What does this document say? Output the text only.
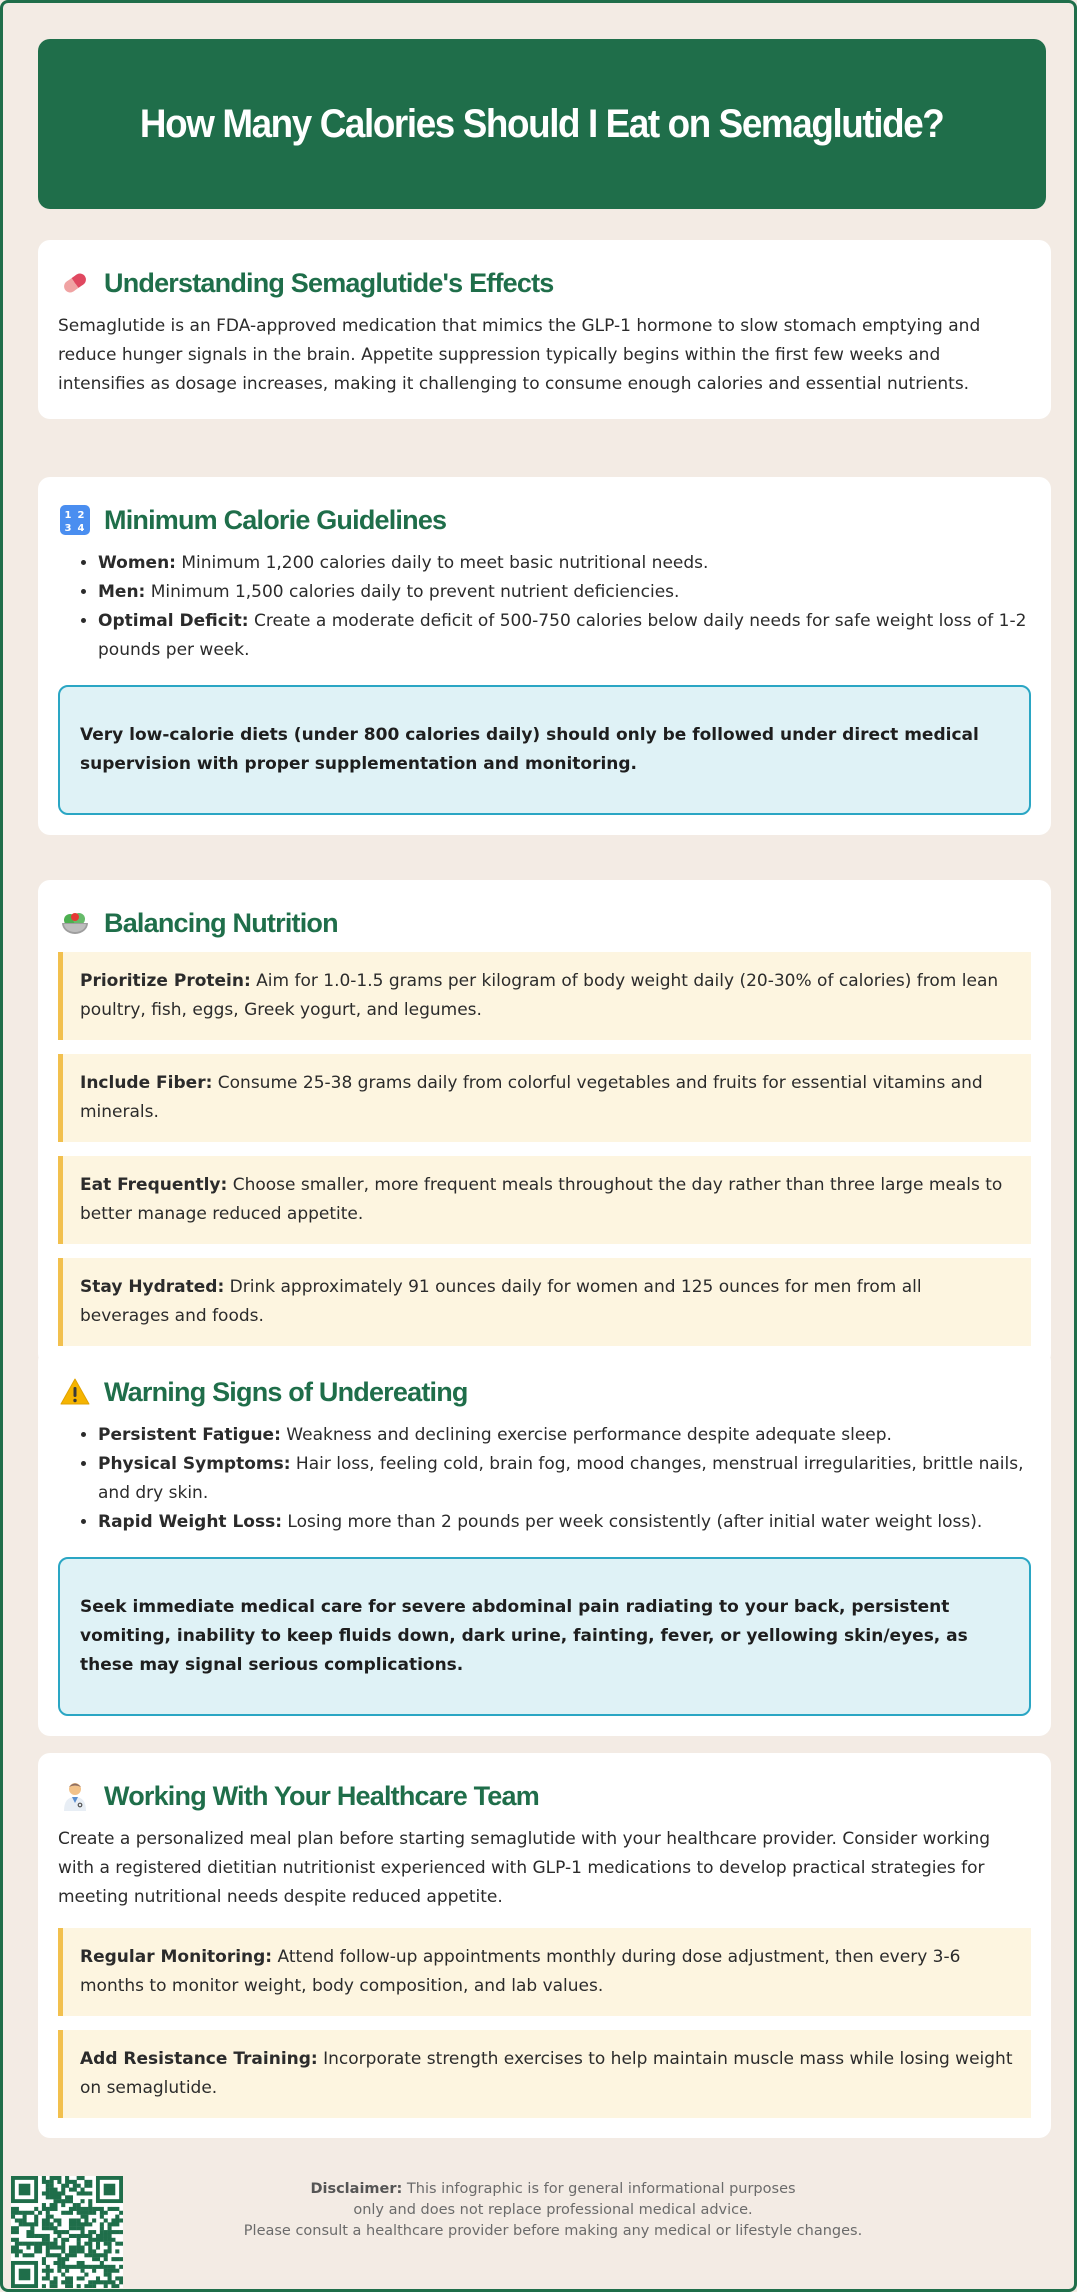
How Many Calories Should I Eat on Semaglutide?
Understanding Semaglutide's Effects

Semaglutide is an FDA-approved medication that mimics the GLP-1 hormone to slow stomach emptying and reduce hunger signals in the brain. Appetite suppression typically begins within the first few weeks and intensifies as dosage increases, making it challenging to consume enough calories and essential nutrients.

1 2
3 4 Minimum Calorie Guidelines
• Women: Minimum 1,200 calories daily to meet basic nutritional needs.
• Men: Minimum 1,500 calories daily to prevent nutrient deficiencies.
• Optimal Deficit: Create a moderate deficit of 500-750 calories below daily needs for safe weight loss of 1-2 pounds per week.
Very low-calorie diets (under 800 calories daily) should only be followed under direct medical supervision with proper supplementation and monitoring.
Balancing Nutrition
Prioritize Protein: Aim for 1.0-1.5 grams per kilogram of body weight daily (20-30% of calories) from lean poultry, fish, eggs, Greek yogurt, and legumes.
Include Fiber: Consume 25-38 grams daily from colorful vegetables and fruits for essential vitamins and minerals.
Eat Frequently: Choose smaller, more frequent meals throughout the day rather than three large meals to better manage reduced appetite.
Stay Hydrated: Drink approximately 91 ounces daily for women and 125 ounces for men from all beverages and foods.
Warning Signs of Undereating
• Persistent Fatigue: Weakness and declining exercise performance despite adequate sleep.
• Physical Symptoms: Hair loss, feeling cold, brain fog, mood changes, menstrual irregularities, brittle nails, and dry skin.
• Rapid Weight Loss: Losing more than 2 pounds per week consistently (after initial water weight loss).
Seek immediate medical care for severe abdominal pain radiating to your back, persistent vomiting, inability to keep fluids down, dark urine, fainting, fever, or yellowing skin/eyes, as these may signal serious complications.
Working With Your Healthcare Team

Create a personalized meal plan before starting semaglutide with your healthcare provider. Consider working with a registered dietitian nutritionist experienced with GLP-1 medications to develop practical strategies for meeting nutritional needs despite reduced appetite.

Regular Monitoring: Attend follow-up appointments monthly during dose adjustment, then every 3-6 months to monitor weight, body composition, and lab values.
Add Resistance Training: Incorporate strength exercises to help maintain muscle mass while losing weight on semaglutide.
Disclaimer: This infographic is for general informational purposes
only and does not replace professional medical advice.
Please consult a healthcare provider before making any medical or lifestyle changes.
